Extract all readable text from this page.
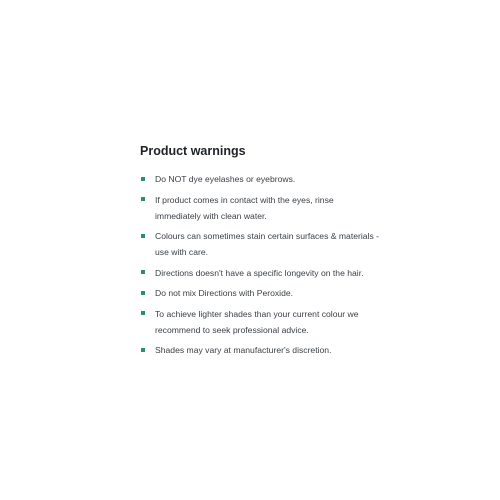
Product warnings
Do NOT dye eyelashes or eyebrows.
If product comes in contact with the eyes, rinse immediately with clean water.
Colours can sometimes stain certain surfaces & materials - use with care.
Directions doesn't have a specific longevity on the hair.
Do not mix Directions with Peroxide.
To achieve lighter shades than your current colour we recommend to seek professional advice.
Shades may vary at manufacturer's discretion.
